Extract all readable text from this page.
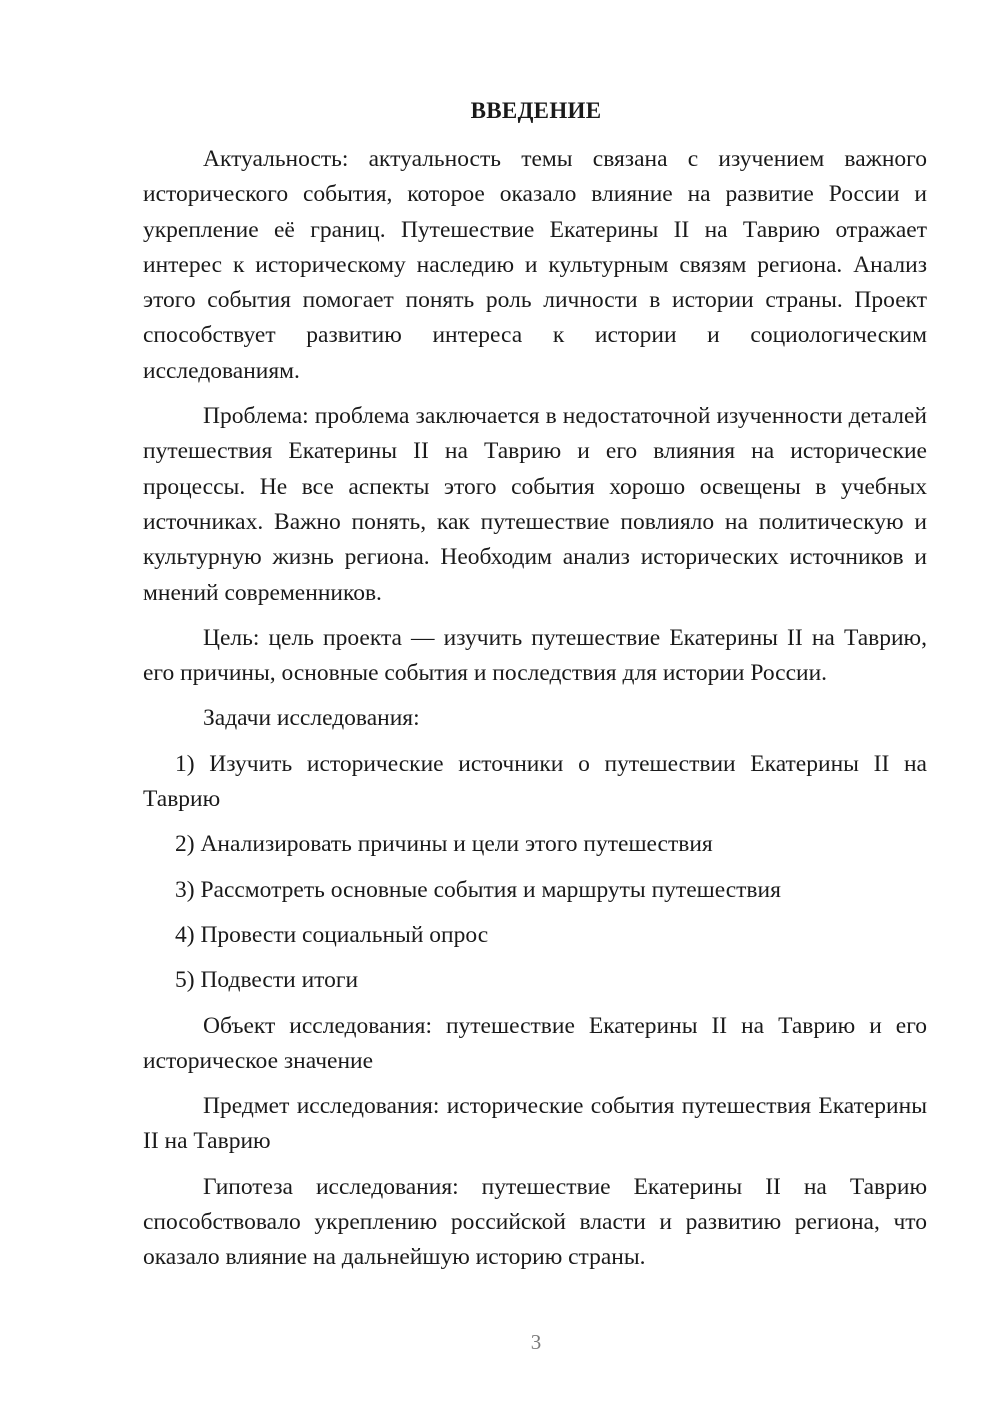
ВВЕДЕНИЕ

Актуальность: актуальность темы связана с изучением важного исторического события, которое оказало влияние на развитие России и укрепление её границ. Путешествие Екатерины II на Таврию отражает интерес к историческому наследию и культурным связям региона. Анализ этого события помогает понять роль личности в истории страны. Проект способствует развитию интереса к истории и социологическим исследованиям.

Проблема: проблема заключается в недостаточной изученности деталей путешествия Екатерины II на Таврию и его влияния на исторические процессы. Не все аспекты этого события хорошо освещены в учебных источниках. Важно понять, как путешествие повлияло на политическую и культурную жизнь региона. Необходим анализ исторических источников и мнений современников.

Цель: цель проекта — изучить путешествие Екатерины II на Таврию, его причины, основные события и последствия для истории России.

Задачи исследования:

1) Изучить исторические источники о путешествии Екатерины II на Таврию
2) Анализировать причины и цели этого путешествия
3) Рассмотреть основные события и маршруты путешествия
4) Провести социальный опрос
5) Подвести итоги

Объект исследования: путешествие Екатерины II на Таврию и его историческое значение

Предмет исследования: исторические события путешествия Екатерины II на Таврию

Гипотеза исследования: путешествие Екатерины II на Таврию способствовало укреплению российской власти и развитию региона, что оказало влияние на дальнейшую историю страны.

3
